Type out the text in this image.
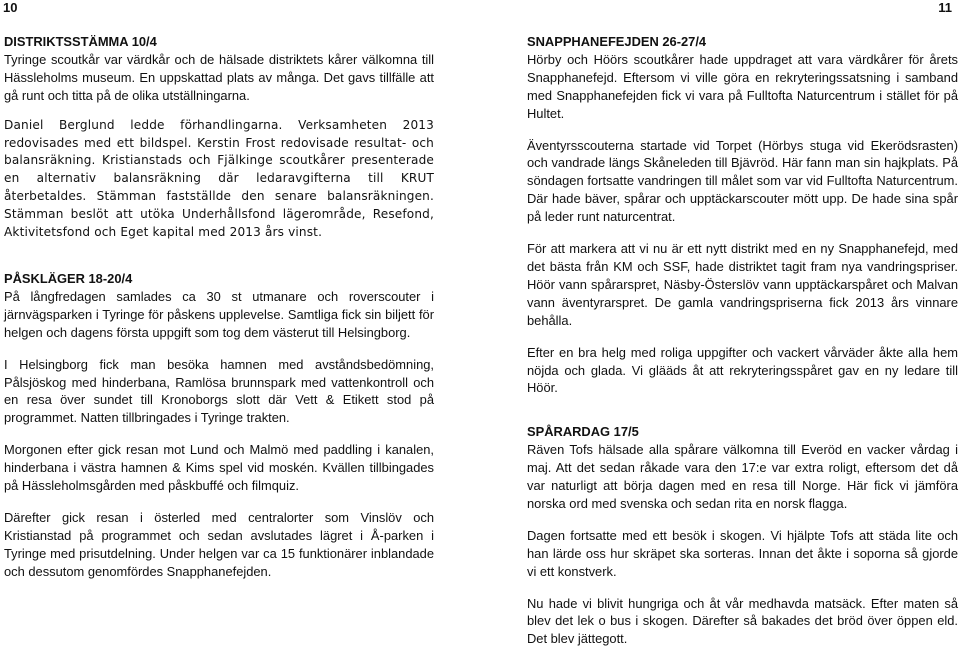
10	11

DISTRIKTSSTÄMMA 10/4

Tyringe scoutkår var värdkår och de hälsade distriktets kårer välkomna till Hässleholms museum. En uppskattad plats av många. Det gavs tillfälle att gå runt och titta på de olika utställningarna.

Daniel Berglund ledde förhandlingarna. Verksamheten 2013 redovisades med ett bildspel. Kerstin Frost redovisade resultat- och balansräkning. Kristianstads och Fjälkinge scoutkårer presenterade en alternativ balansräkning där ledaravgifterna till KRUT återbetaldes. Stämman fastställde den senare balansräkningen. Stämman beslöt att utöka Underhållsfond lägerområde, Resefond, Aktivitetsfond och Eget kapital med 2013 års vinst.

PÅSKLÄGER 18-20/4

På långfredagen samlades ca 30 st utmanare och roverscouter i järnvägsparken i Tyringe för påskens upplevelse. Samtliga fick sin biljett för helgen och dagens första uppgift som tog dem västerut till Helsingborg.

I Helsingborg fick man besöka hamnen med avståndsbedömning, Pålsjöskog med hinderbana, Ramlösa brunnspark med vattenkontroll och en resa över sundet till Kronoborgs slott där Vett & Etikett stod på programmet. Natten tillbringades i Tyringe trakten.

Morgonen efter gick resan mot Lund och Malmö med paddling i kanalen, hinderbana i västra hamnen & Kims spel vid moskén. Kvällen tillbingades på Hässleholmsgården med påskbuffé och filmquiz.

Därefter gick resan i österled med centralorter som Vinslöv och Kristianstad på programmet och sedan avslutades lägret i Å-parken i Tyringe med prisutdelning. Under helgen var ca 15 funktionärer inblandade och dessutom genomfördes Snapphanefejden.

SNAPPHANEFEJDEN 26-27/4

Hörby och Höörs scoutkårer hade uppdraget att vara värdkårer för årets Snapphanefejd. Eftersom vi ville göra en rekryteringssatsning i samband med Snapphanefejden fick vi vara på Fulltofta Naturcentrum i stället för på Hultet.

Äventyrsscouterna startade vid Torpet (Hörbys stuga vid Ekerödsrasten) och vandrade längs Skåneleden till Bjävröd. Här fann man sin hajkplats. På söndagen fortsatte vandringen till målet som var vid Fulltofta Naturcentrum. Där hade bäver, spårar och upptäckarscouter mött upp. De hade sina spår på leder runt naturcentrat.

För att markera att vi nu är ett nytt distrikt med en ny Snapphanefejd, med det bästa från KM och SSF, hade distriktet tagit fram nya vandringspriser. Höör vann spårarspret, Näsby-Österslöv vann upptäckarspåret och Malvan vann äventyrarspret. De gamla vandringspriserna fick 2013 års vinnare behålla.

Efter en bra helg med roliga uppgifter och vackert vårväder åkte alla hem nöjda och glada. Vi glääds åt att rekryteringsspåret gav en ny ledare till Höör.

SPÅRARDAG 17/5

Räven Tofs hälsade alla spårare välkomna till Everöd en vacker vårdag i maj. Att det sedan råkade vara den 17:e var extra roligt, eftersom det då var naturligt att börja dagen med en resa till Norge. Här fick vi jämföra norska ord med svenska och sedan rita en norsk flagga.

Dagen fortsatte med ett besök i skogen. Vi hjälpte Tofs att städa lite och han lärde oss hur skräpet ska sorteras. Innan det åkte i soporna så gjorde vi ett konstverk.

Nu hade vi blivit hungriga och åt vår medhavda matsäck. Efter maten så blev det lek o bus i skogen. Därefter så bakades det bröd över öppen eld. Det blev jättegott.
